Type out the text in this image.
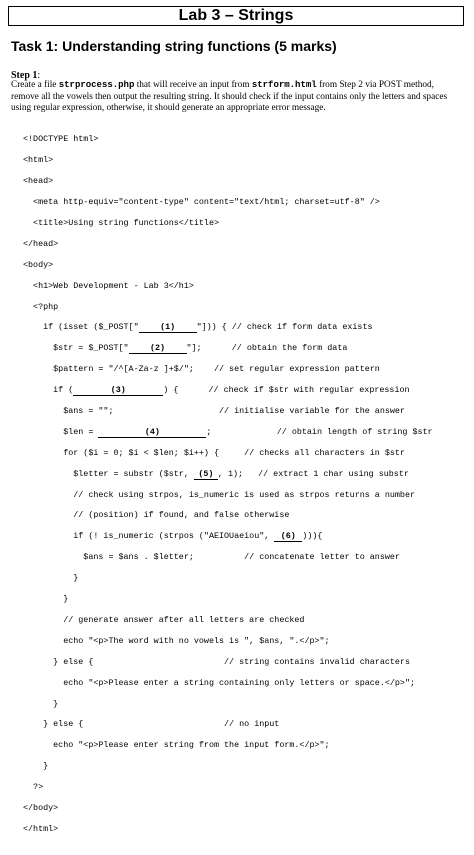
Lab 3 – Strings
Task 1: Understanding string functions (5 marks)
Step 1:
Create a file strprocess.php that will receive an input from strform.html from Step 2 via POST method, remove all the vowels then output the resulting string. It should check if the input contains only the letters and spaces using regular expression, otherwise, it should generate an appropriate error message.

<!DOCTYPE html>

<html>

<head>

<meta http-equiv="content-type" content="text/html; charset=utf-8" />

<title>Using string functions</title>

</head>

<body>

<h1>Web Development - Lab 3</h1>

<?php

if (isset ($_POST["	(1)	"])) { // check if form data exists

$str = $_POST["	(2)	"];      // obtain the form data

$pattern = "/^[A-Za-z ]+$/";    // set regular expression pattern

if (	(3)	) {      // check if $str with regular expression

$ans = "";                     // initialise variable for the answer

$len =	(4)	;             // obtain length of string $str

for ($i = 0; $i < $len; $i++) {     // checks all characters in $str

$letter = substr ($str, (5) , 1);   // extract 1 char using substr

// check using strpos, is_numeric is used as strpos returns a number

// (position) if found, and false otherwise

if (! is_numeric (strpos ("AEIOUaeiou", (6) ))){

$ans = $ans . $letter;          // concatenate letter to answer

}

}

// generate answer after all letters are checked

echo "<p>The word with no vowels is ", $ans, ".</p>";

} else {                          // string contains invalid characters

echo "<p>Please enter a string containing only letters or space.</p>";

}

} else {                            // no input

echo "<p>Please enter string from the input form.</p>";

}

?>

</body>

</html>
